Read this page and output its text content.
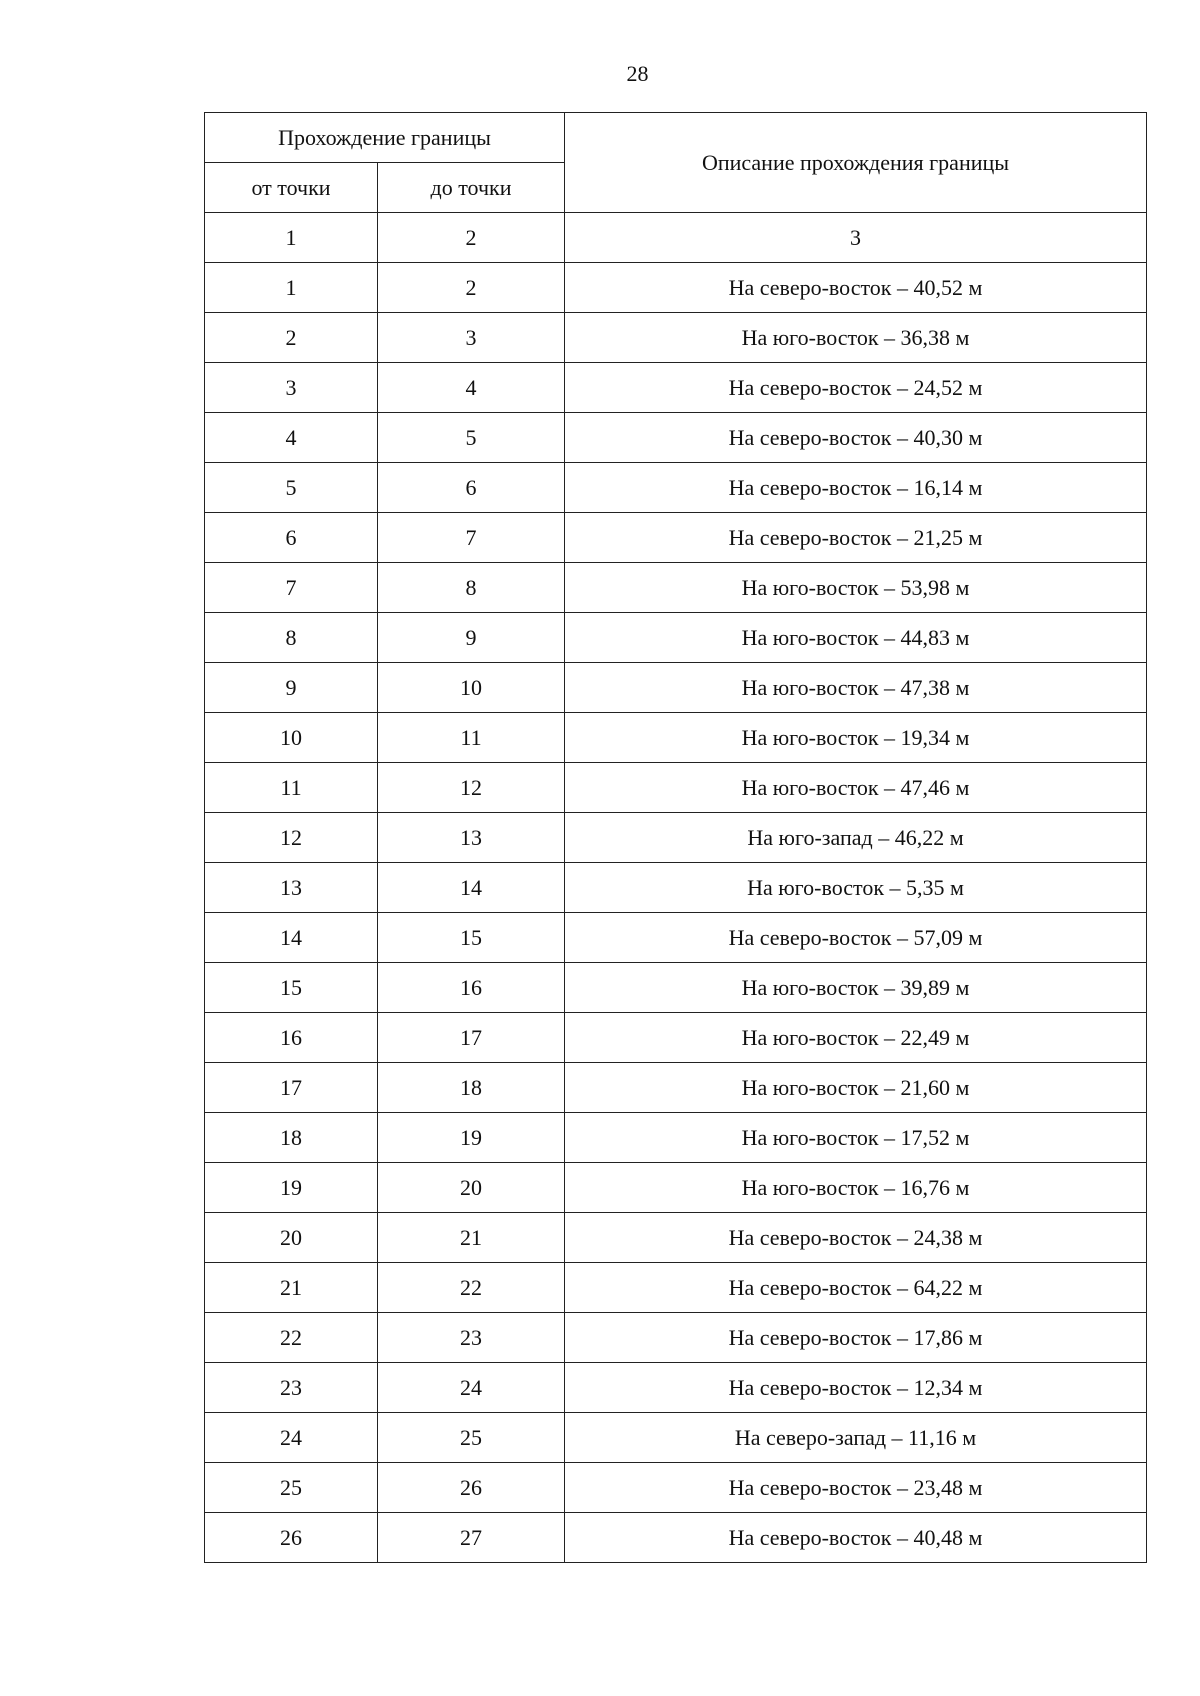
28
Прохождение границы		Описание прохождения границы
от точки	до точки	
1	2	3
1	2	На северо-восток – 40,52 м
2	3	На юго-восток – 36,38 м
3	4	На северо-восток – 24,52 м
4	5	На северо-восток – 40,30 м
5	6	На северо-восток – 16,14 м
6	7	На северо-восток – 21,25 м
7	8	На юго-восток – 53,98 м
8	9	На юго-восток – 44,83 м
9	10	На юго-восток – 47,38 м
10	11	На юго-восток – 19,34 м
11	12	На юго-восток – 47,46 м
12	13	На юго-запад – 46,22 м
13	14	На юго-восток – 5,35 м
14	15	На северо-восток – 57,09 м
15	16	На юго-восток – 39,89 м
16	17	На юго-восток – 22,49 м
17	18	На юго-восток – 21,60 м
18	19	На юго-восток – 17,52 м
19	20	На юго-восток – 16,76 м
20	21	На северо-восток – 24,38 м
21	22	На северо-восток – 64,22 м
22	23	На северо-восток – 17,86 м
23	24	На северо-восток – 12,34 м
24	25	На северо-запад – 11,16 м
25	26	На северо-восток – 23,48 м
26	27	На северо-восток – 40,48 м
